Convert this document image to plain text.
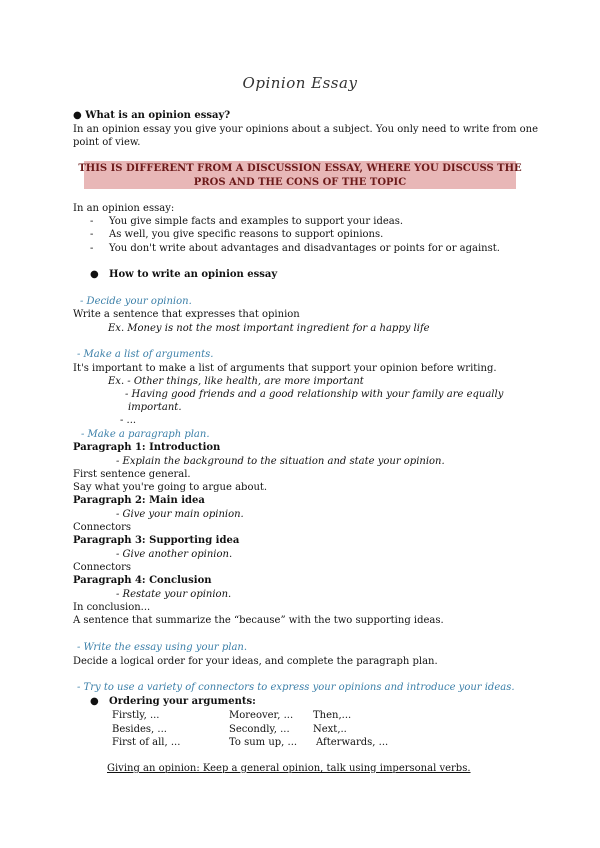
Opinion Essay
● What is an opinion essay?
In an opinion essay you give your opinions about a subject. You only need to write from one
point of view.
THIS IS DIFFERENT FROM A DISCUSSION ESSAY, WHERE YOU DISCUSS THE
PROS AND THE CONS OF THE TOPIC
In an opinion essay:
- You give simple facts and examples to support your ideas.
- As well, you give specific reasons to support opinions.
- You don't write about advantages and disadvantages or points for or against.
● How to write an opinion essay
- Decide your opinion.
Write a sentence that expresses that opinion
Ex. Money is not the most important ingredient for a happy life
- Make a list of arguments.
It's important to make a list of arguments that support your opinion before writing.
Ex. - Other things, like health, are more important
- Having good friends and a good relationship with your family are equally
important.
- ...
- Make a paragraph plan.
Paragraph 1: Introduction
- Explain the background to the situation and state your opinion.
First sentence general.
Say what you're going to argue about.
Paragraph 2: Main idea
- Give your main opinion.
Connectors
Paragraph 3: Supporting idea
- Give another opinion.
Connectors
Paragraph 4: Conclusion
- Restate your opinion.
In conclusion...
A sentence that summarize the “because” with the two supporting ideas.
- Write the essay using your plan.
Decide a logical order for your ideas, and complete the paragraph plan.
- Try to use a variety of connectors to express your opinions and introduce your ideas.
● Ordering your arguments:
Firstly, ...
Besides, ...
First of all, ...
Moreover, ...
Secondly, ...
To sum up, ...
Then,...
Next,..
Afterwards, ...
Giving an opinion: Keep a general opinion, talk using impersonal verbs.
